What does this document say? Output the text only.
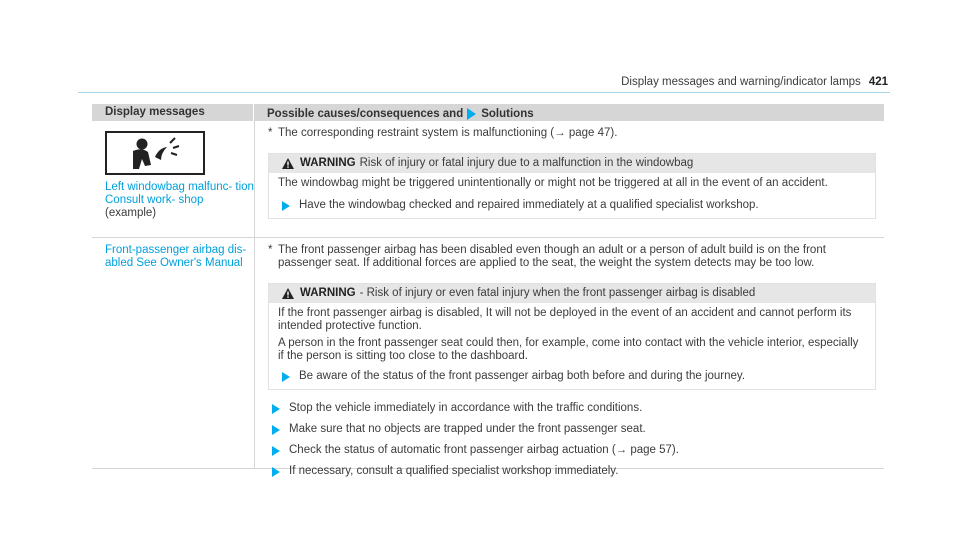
Display messages and warning/indicator lamps 421
Display messages	Possible causes/consequences and Solutions
Left windowbag malfunc- tion Consult work- shop (example)
* The corresponding restraint system is malfunctioning (→ page 47).
WARNING Risk of injury or fatal injury due to a malfunction in the windowbag

The windowbag might be triggered unintentionally or might not be triggered at all in the event of an accident.

Have the windowbag checked and repaired immediately at a qualified specialist workshop.
Front-passenger airbag dis- abled See Owner's Manual
* The front passenger airbag has been disabled even though an adult or a person of adult build is on the front passenger seat. If additional forces are applied to the seat, the weight the system detects may be too low.
WARNING - Risk of injury or even fatal injury when the front passenger airbag is disabled

If the front passenger airbag is disabled, It will not be deployed in the event of an accident and cannot perform its intended protective function.

A person in the front passenger seat could then, for example, come into contact with the vehicle interior, especially if the person is sitting too close to the dashboard.

Be aware of the status of the front passenger airbag both before and during the journey.
Stop the vehicle immediately in accordance with the traffic conditions.
Make sure that no objects are trapped under the front passenger seat.
Check the status of automatic front passenger airbag actuation (→ page 57).
If necessary, consult a qualified specialist workshop immediately.
